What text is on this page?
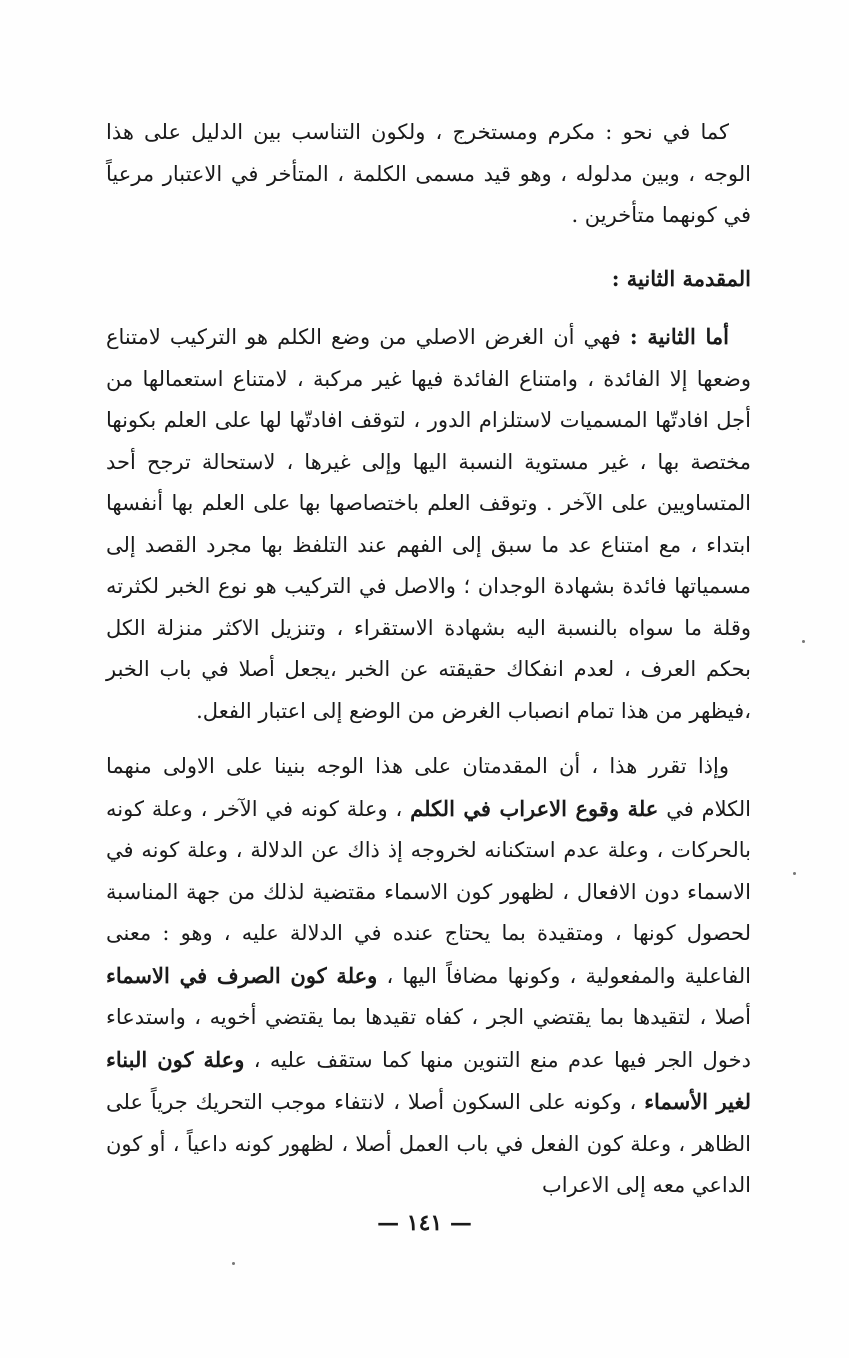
كما في نحو : مكرم ومستخرج ، ولكون التناسب بين الدليل على هذا الوجه ، وبين مدلوله ، وهو قيد مسمى الكلمة ، المتأخر في الاعتبار مرعياً في كونهما متأخرين .

المقدمة الثانية :

أما الثانية : فهي أن الغرض الاصلي من وضع الكلم هو التركيب لامتناع وضعها إلا الفائدة ، وامتناع الفائدة فيها غير مركبة ، لامتناع استعمالها من أجل افادتّها المسميات لاستلزام الدور ، لتوقف افادتّها لها على العلم بكونها مختصة بها ، غير مستوية النسبة اليها وإلى غيرها ، لاستحالة ترجح أحد المتساويين على الآخر . وتوقف العلم باختصاصها بها على العلم بها أنفسها ابتداء ، مع امتناع عد ما سبق إلى الفهم عند التلفظ بها مجرد القصد إلى مسمياتها فائدة بشهادة الوجدان ؛ والاصل في التركيب هو نوع الخبر لكثرته وقلة ما سواه بالنسبة اليه بشهادة الاستقراء ، وتنزيل الاكثر منزلة الكل بحكم العرف ، لعدم انفكاك حقيقته عن الخبر ،يجعل أصلا في باب الخبر ،فيظهر من هذا تمام انصباب الغرض من الوضع إلى اعتبار الفعل.

وإذا تقرر هذا ، أن المقدمتان على هذا الوجه بنينا على الاولى منهما الكلام في علة وقوع الاعراب في الكلم ، وعلة كونه في الآخر ، وعلة كونه بالحركات ، وعلة عدم استكنانه لخروجه إذ ذاك عن الدلالة ، وعلة كونه في الاسماء دون الافعال ، لظهور كون الاسماء مقتضية لذلك من جهة المناسبة لحصول كونها ، ومتقيدة بما يحتاج عنده في الدلالة عليه ، وهو : معنى الفاعلية والمفعولية ، وكونها مضافاً اليها ، وعلة كون الصرف في الاسماء أصلا ، لتقيدها بما يقتضي الجر ، كفاه تقيدها بما يقتضي أخويه ، واستدعاء دخول الجر فيها عدم منع التنوين منها كما ستقف عليه ، وعلة كون البناء لغير الأسماء ، وكونه على السكون أصلا ، لانتفاء موجب التحريك جرياً على الظاهر ، وعلة كون الفعل في باب العمل أصلا ، لظهور كونه داعياً ، أو كون الداعي معه إلى الاعراب

— ١٤١ —
